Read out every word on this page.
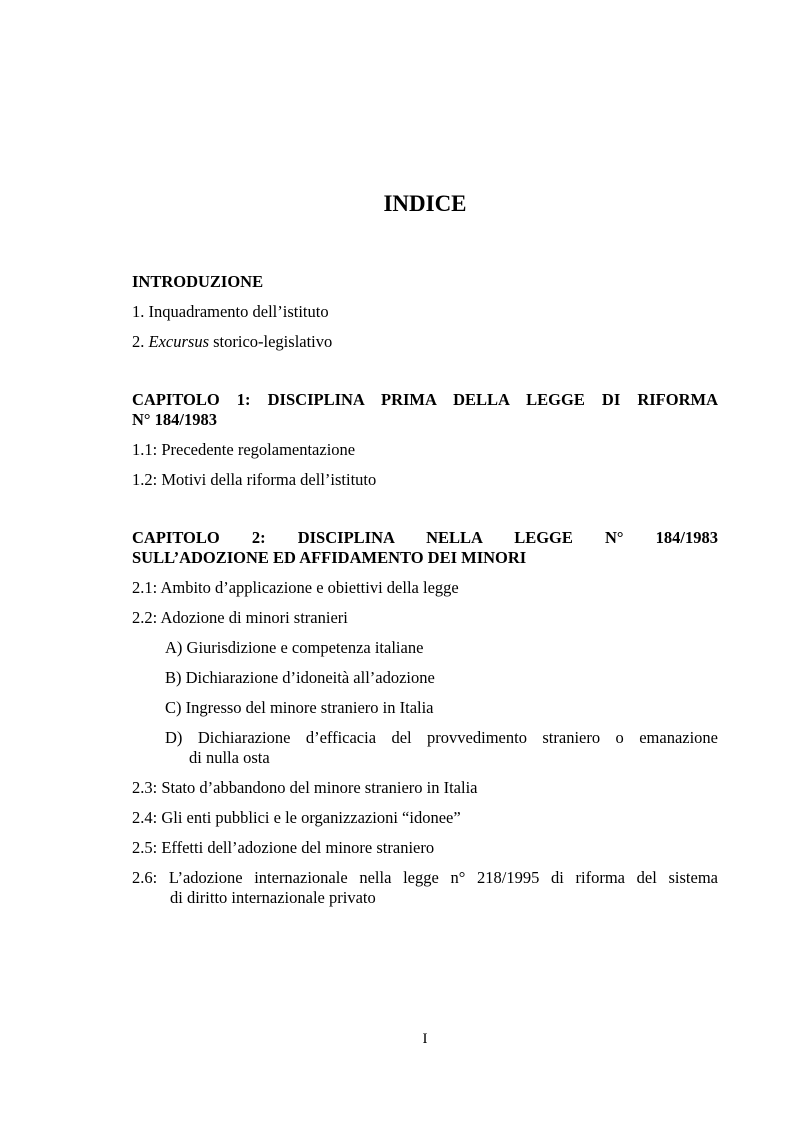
INDICE

INTRODUZIONE

1. Inquadramento dell’istituto

2. Excursus storico-legislativo

CAPITOLO 1: DISCIPLINA PRIMA DELLA LEGGE DI RIFORMA
N° 184/1983

1.1: Precedente regolamentazione

1.2: Motivi della riforma dell’istituto

CAPITOLO 2: DISCIPLINA NELLA LEGGE N° 184/1983
SULL’ADOZIONE ED AFFIDAMENTO DEI MINORI

2.1: Ambito d’applicazione e obiettivi della legge

2.2: Adozione di minori stranieri

A) Giurisdizione e competenza italiane

B) Dichiarazione d’idoneità all’adozione

C) Ingresso del minore straniero in Italia

D) Dichiarazione d’efficacia del provvedimento straniero o emanazione
di nulla osta

2.3: Stato d’abbandono del minore straniero in Italia

2.4: Gli enti pubblici e le organizzazioni “idonee”

2.5: Effetti dell’adozione del minore straniero

2.6: L’adozione internazionale nella legge n° 218/1995 di riforma del sistema
di diritto internazionale privato

I
